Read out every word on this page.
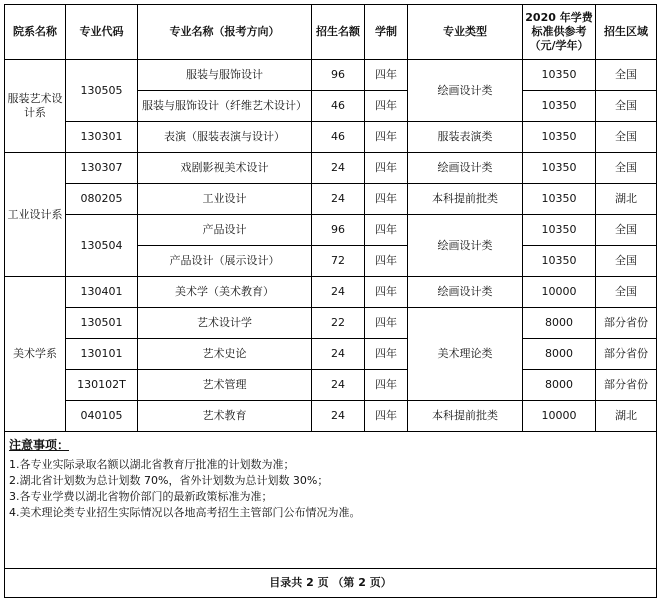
院系名称	专业代码	专业名称（报考方向）	招生名额	学制	专业类型	2020 年学费标准供参考（元/学年）	招生区域
服装艺术设计系	130505	服装与服饰设计	96	四年	绘画设计类	10350	全国
		服装与服饰设计（纤维艺术设计）	46	四年		10350	全国
	130301	表演（服装表演与设计）	46	四年	服装表演类	10350	全国
工业设计系	130307	戏剧影视美术设计	24	四年	绘画设计类	10350	全国
	080205	工业设计	24	四年	本科提前批类	10350	湖北
	130504	产品设计	96	四年	绘画设计类	10350	全国
		产品设计（展示设计）	72	四年		10350	全国
美术学系	130401	美术学（美术教育）	24	四年	绘画设计类	10000	全国
	130501	艺术设计学	22	四年	美术理论类	8000	部分省份
	130101	艺术史论	24	四年		8000	部分省份
	130102T	艺术管理	24	四年		8000	部分省份
	040105	艺术教育	24	四年	本科提前批类	10000	湖北

注意事项：
1.各专业实际录取名额以湖北省教育厅批准的计划数为准；
2.湖北省计划数为总计划数 70%，省外计划数为总计划数 30%；
3.各专业学费以湖北省物价部门的最新政策标准为准；
4.美术理论类专业招生实际情况以各地高考招生主管部门公布情况为准。							

目录共 2 页 （第 2 页）							
